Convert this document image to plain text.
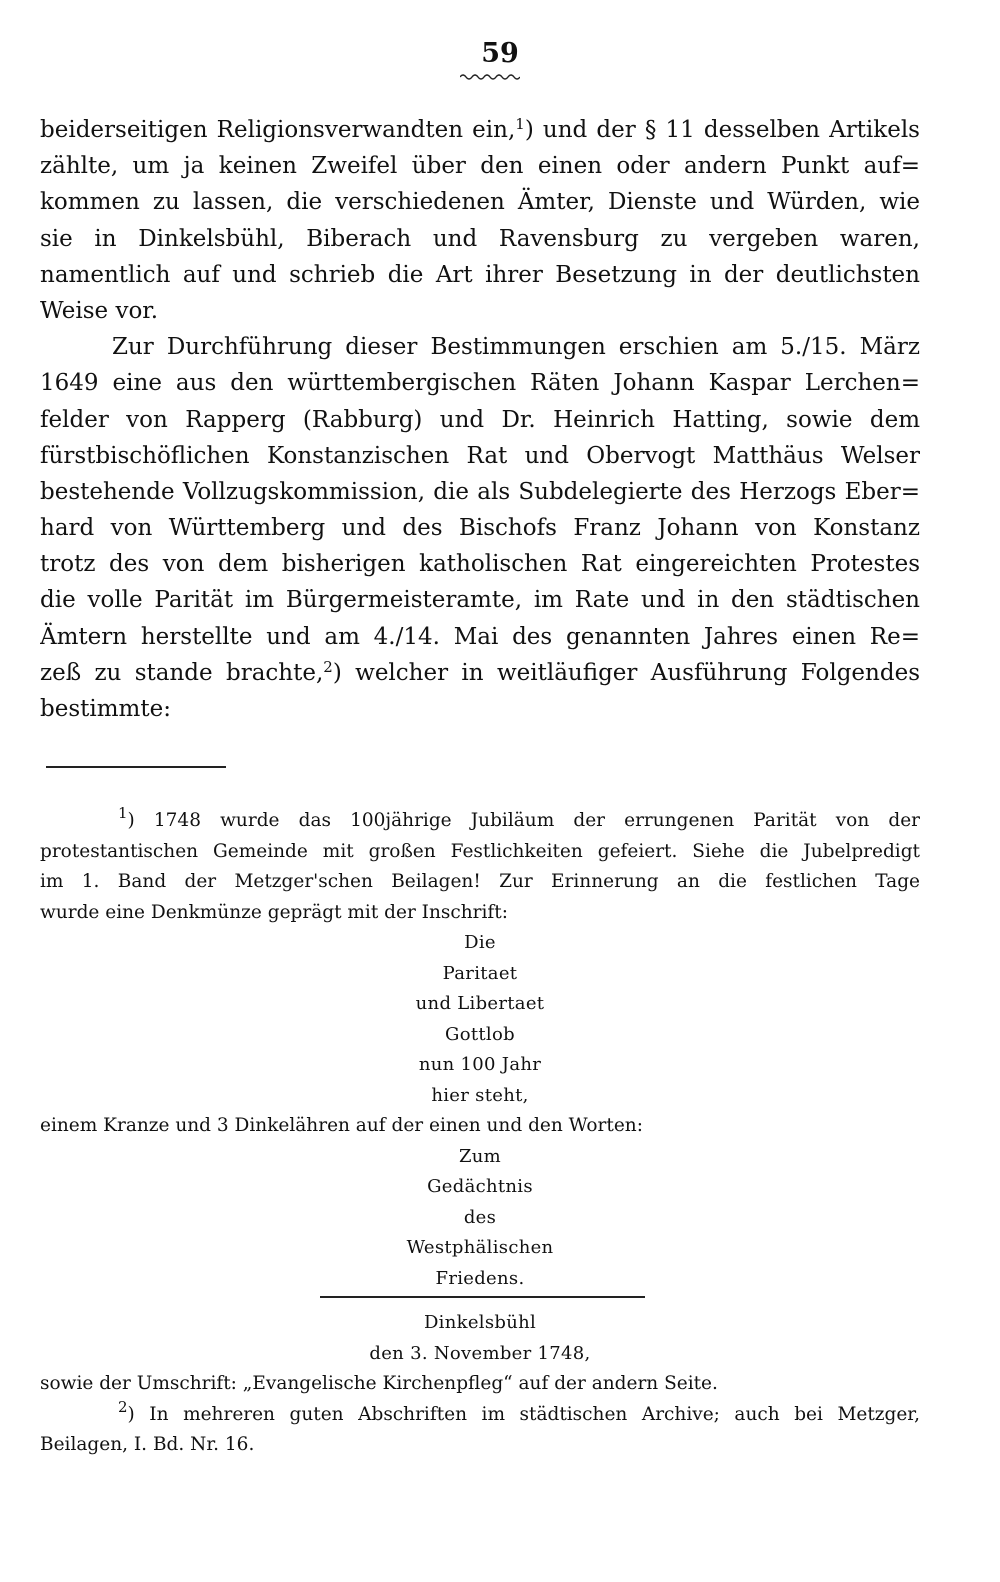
59
beiderseitigen Religionsverwandten ein,$^1$) und der § 11 desselben Artikels
zählte, um ja keinen Zweifel über den einen oder andern Punkt auf=
kommen zu lassen, die verschiedenen Ämter, Dienste und Würden, wie
sie in Dinkelsbühl, Biberach und Ravensburg zu vergeben waren,
namentlich auf und schrieb die Art ihrer Besetzung in der deutlichsten
Weise vor.
Zur Durchführung dieser Bestimmungen erschien am 5./15. März
1649 eine aus den württembergischen Räten Johann Kaspar Lerchen=
felder von Rapperg (Rabburg) und Dr. Heinrich Hatting, sowie dem
fürstbischöflichen Konstanzischen Rat und Obervogt Matthäus Welser
bestehende Vollzugskommission, die als Subdelegierte des Herzogs Eber=
hard von Württemberg und des Bischofs Franz Johann von Konstanz
trotz des von dem bisherigen katholischen Rat eingereichten Protestes
die volle Parität im Bürgermeisteramte, im Rate und in den städtischen
Ämtern herstellte und am 4./14. Mai des genannten Jahres einen Re=
zeß zu stande brachte,$^2$) welcher in weitläufiger Ausführung Folgendes
bestimmte:
$^1$) 1748 wurde das 100jährige Jubiläum der errungenen Parität von der
protestantischen Gemeinde mit großen Festlichkeiten gefeiert. Siehe die Jubelpredigt
im 1. Band der Metzger'schen Beilagen! Zur Erinnerung an die festlichen Tage
wurde eine Denkmünze geprägt mit der Inschrift:
Die
Paritaet
und Libertaet
Gottlob
nun 100 Jahr
hier steht,
einem Kranze und 3 Dinkelähren auf der einen und den Worten:
Zum
Gedächtnis
des
Westphälischen
Friedens.
Dinkelsbühl
den 3. November 1748,
sowie der Umschrift: „Evangelische Kirchenpfleg“ auf der andern Seite.
$^2$) In mehreren guten Abschriften im städtischen Archive; auch bei Metzger,
Beilagen, I. Bd. Nr. 16.
